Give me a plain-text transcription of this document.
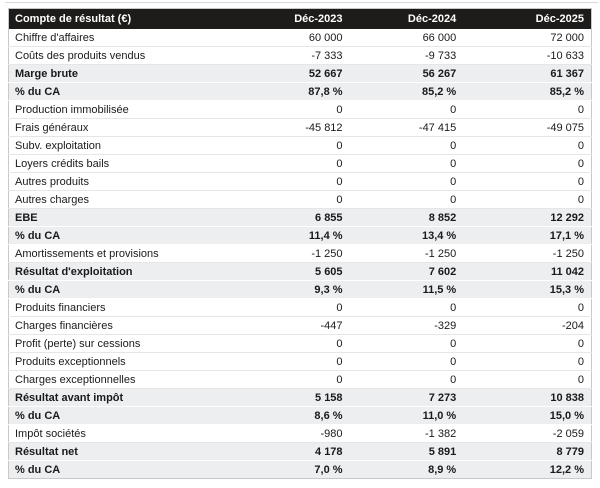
Compte de résultat (€)	Déc-2023	Déc-2024	Déc-2025
Chiffre d'affaires	60 000	66 000	72 000
Coûts des produits vendus	-7 333	-9 733	-10 633
Marge brute	52 667	56 267	61 367
% du CA	87,8 %	85,2 %	85,2 %
Production immobilisée	0	0	0
Frais généraux	-45 812	-47 415	-49 075
Subv. exploitation	0	0	0
Loyers crédits bails	0	0	0
Autres produits	0	0	0
Autres charges	0	0	0
EBE	6 855	8 852	12 292
% du CA	11,4 %	13,4 %	17,1 %
Amortissements et provisions	-1 250	-1 250	-1 250
Résultat d'exploitation	5 605	7 602	11 042
% du CA	9,3 %	11,5 %	15,3 %
Produits financiers	0	0	0
Charges financières	-447	-329	-204
Profit (perte) sur cessions	0	0	0
Produits exceptionnels	0	0	0
Charges exceptionnelles	0	0	0
Résultat avant impôt	5 158	7 273	10 838
% du CA	8,6 %	11,0 %	15,0 %
Impôt sociétés	-980	-1 382	-2 059
Résultat net	4 178	5 891	8 779
% du CA	7,0 %	8,9 %	12,2 %
